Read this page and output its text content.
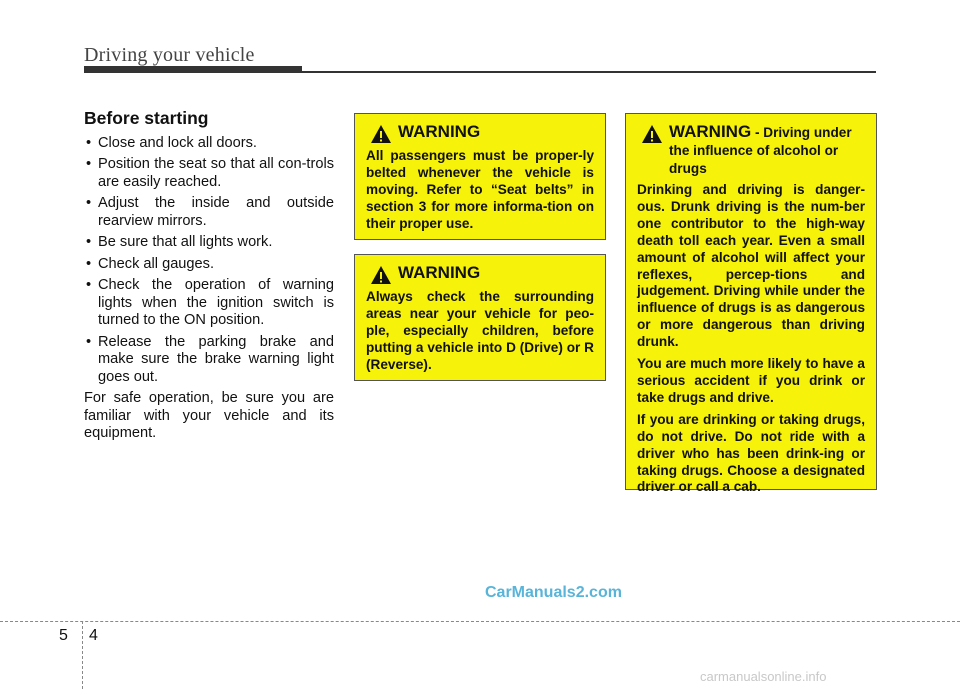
Driving your vehicle
Before starting
• Close and lock all doors.
• Position the seat so that all con-trols are easily reached.
• Adjust the inside and outside rearview mirrors.
• Be sure that all lights work.
• Check all gauges.
• Check the operation of warning lights when the ignition switch is turned to the ON position.
• Release the parking brake and make sure the brake warning light goes out.

For safe operation, be sure you are familiar with your vehicle and its equipment.

WARNING

All passengers must be proper-ly belted whenever the vehicle is moving. Refer to “Seat belts” in section 3 for more informa-tion on their proper use.

WARNING

Always check the surrounding areas near your vehicle for peo-ple, especially children, before putting a vehicle into D (Drive) or R (Reverse).

WARNING - Driving under the influence of alcohol or drugs

Drinking and driving is danger-ous. Drunk driving is the num-ber one contributor to the high-way death toll each year. Even a small amount of alcohol will affect your reflexes, percep-tions and judgement. Driving while under the influence of drugs is as dangerous or more dangerous than driving drunk.

You are much more likely to have a serious accident if you drink or take drugs and drive.

If you are drinking or taking drugs, do not drive. Do not ride with a driver who has been drink-ing or taking drugs. Choose a designated driver or call a cab.

CarManuals2.com
5 4
carmanualsonline.info
